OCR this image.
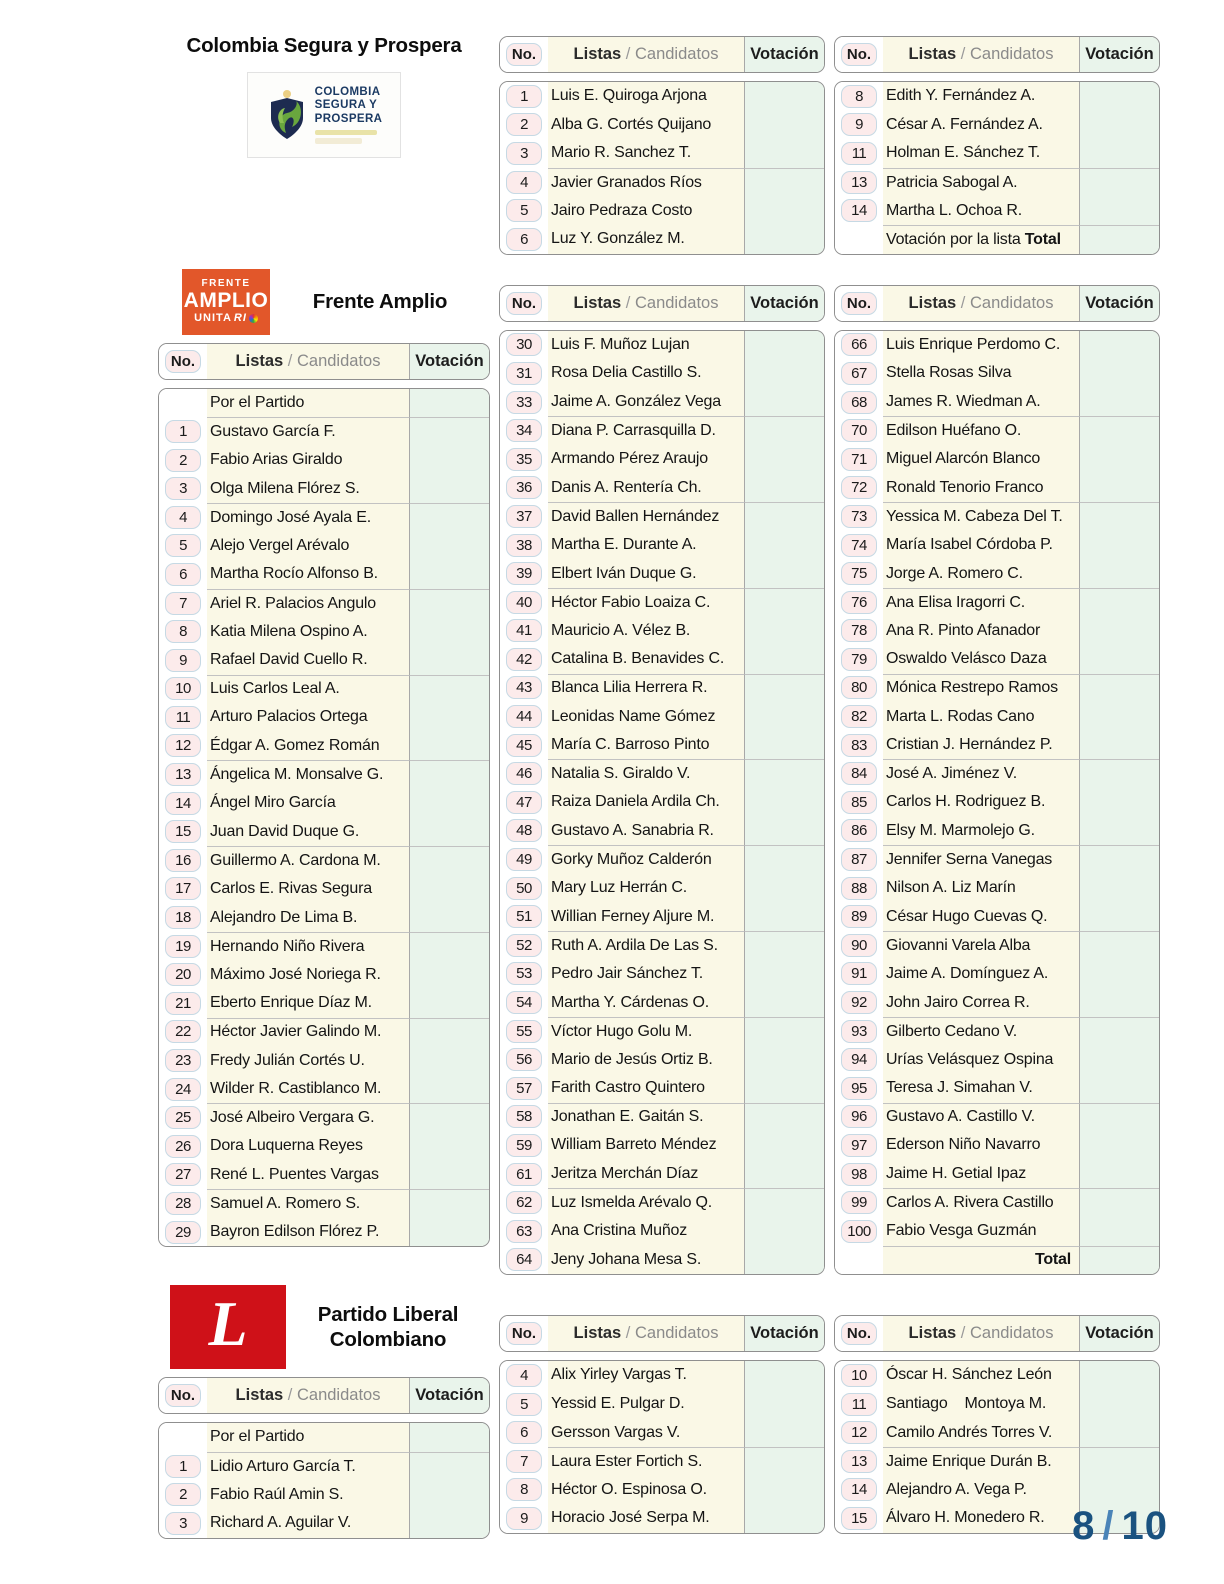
Colombia Segura y Prospera
COLOMBIA
SEGURA Y
PROSPERA
No.	Listas / Candidatos	Votación
1	Luis E. Quiroga Arjona
2	Alba G. Cortés Quijano
3	Mario R. Sanchez T.
4	Javier Granados Ríos
5	Jairo Pedraza Costo
6	Luz Y. González M.
No.	Listas / Candidatos	Votación
8	Edith Y. Fernández A.
9	César A. Fernández A.
11	Holman E. Sánchez T.
13	Patricia Sabogal A.
14	Martha L. Ochoa R.
Votación por la lista Total
FRENTE
AMPLIO
UNITA RI
Frente Amplio
No.	Listas / Candidatos	Votación
Por el Partido
1	Gustavo García F.
2	Fabio Arias Giraldo
3	Olga Milena Flórez S.
4	Domingo José Ayala E.
5	Alejo Vergel Arévalo
6	Martha Rocío Alfonso B.
7	Ariel R. Palacios Angulo
8	Katia Milena Ospino A.
9	Rafael David Cuello R.
10	Luis Carlos Leal A.
11	Arturo Palacios Ortega
12	Édgar A. Gomez Román
13	Ángelica M. Monsalve G.
14	Ángel Miro García
15	Juan David Duque G.
16	Guillermo A. Cardona M.
17	Carlos E. Rivas Segura
18	Alejandro De Lima B.
19	Hernando Niño Rivera
20	Máximo José Noriega R.
21	Eberto Enrique Díaz M.
22	Héctor Javier Galindo M.
23	Fredy Julián Cortés U.
24	Wilder R. Castiblanco M.
25	José Albeiro Vergara G.
26	Dora Luquerna Reyes
27	René L. Puentes Vargas
28	Samuel A. Romero S.
29	Bayron Edilson Flórez P.
No.	Listas / Candidatos	Votación
30	Luis F. Muñoz Lujan
31	Rosa Delia Castillo S.
33	Jaime A. González Vega
34	Diana P. Carrasquilla D.
35	Armando Pérez Araujo
36	Danis A. Rentería Ch.
37	David Ballen Hernández
38	Martha E. Durante A.
39	Elbert Iván Duque G.
40	Héctor Fabio Loaiza C.
41	Mauricio A. Vélez B.
42	Catalina B. Benavides C.
43	Blanca Lilia Herrera R.
44	Leonidas Name Gómez
45	María C. Barroso Pinto
46	Natalia S. Giraldo V.
47	Raiza Daniela Ardila Ch.
48	Gustavo A. Sanabria R.
49	Gorky Muñoz Calderón
50	Mary Luz Herrán C.
51	Willian Ferney Aljure M.
52	Ruth A. Ardila De Las S.
53	Pedro Jair Sánchez T.
54	Martha Y. Cárdenas O.
55	Víctor Hugo Golu M.
56	Mario de Jesús Ortiz B.
57	Farith Castro Quintero
58	Jonathan E. Gaitán S.
59	William Barreto Méndez
61	Jeritza Merchán Díaz
62	Luz Ismelda Arévalo Q.
63	Ana Cristina Muñoz
64	Jeny Johana Mesa S.
No.	Listas / Candidatos	Votación
66	Luis Enrique Perdomo C.
67	Stella Rosas Silva
68	James R. Wiedman A.
70	Edilson Huéfano O.
71	Miguel Alarcón Blanco
72	Ronald Tenorio Franco
73	Yessica M. Cabeza Del T.
74	María Isabel Córdoba P.
75	Jorge A. Romero C.
76	Ana Elisa Iragorri C.
78	Ana R. Pinto Afanador
79	Oswaldo Velásco Daza
80	Mónica Restrepo Ramos
82	Marta L. Rodas Cano
83	Cristian J. Hernández P.
84	José A. Jiménez V.
85	Carlos H. Rodriguez B.
86	Elsy M. Marmolejo G.
87	Jennifer Serna Vanegas
88	Nilson A. Liz Marín
89	César Hugo Cuevas Q.
90	Giovanni Varela Alba
91	Jaime A. Domínguez A.
92	John Jairo Correa R.
93	Gilberto Cedano V.
94	Urías Velásquez Ospina
95	Teresa J. Simahan V.
96	Gustavo A. Castillo V.
97	Ederson Niño Navarro
98	Jaime H. Getial Ipaz
99	Carlos A. Rivera Castillo
100 Fabio Vesga Guzmán
Total
L	Partido Liberal Colombiano
No.	Listas / Candidatos	Votación
Por el Partido
1	Lidio Arturo García T.
2	Fabio Raúl Amin S.
3	Richard A. Aguilar V.
No.	Listas / Candidatos	Votación
4	Alix Yirley Vargas T.
5	Yessid E. Pulgar D.
6	Gersson Vargas V.
7	Laura Ester Fortich S.
8	Héctor O. Espinosa O.
9	Horacio José Serpa M.
No.	Listas / Candidatos	Votación
10	Óscar H. Sánchez León
11	Santiago    Montoya M.
12	Camilo Andrés Torres V.
13	Jaime Enrique Durán B.
14	Alejandro A. Vega P.
15	Álvaro H. Monedero R. 8 / 10
